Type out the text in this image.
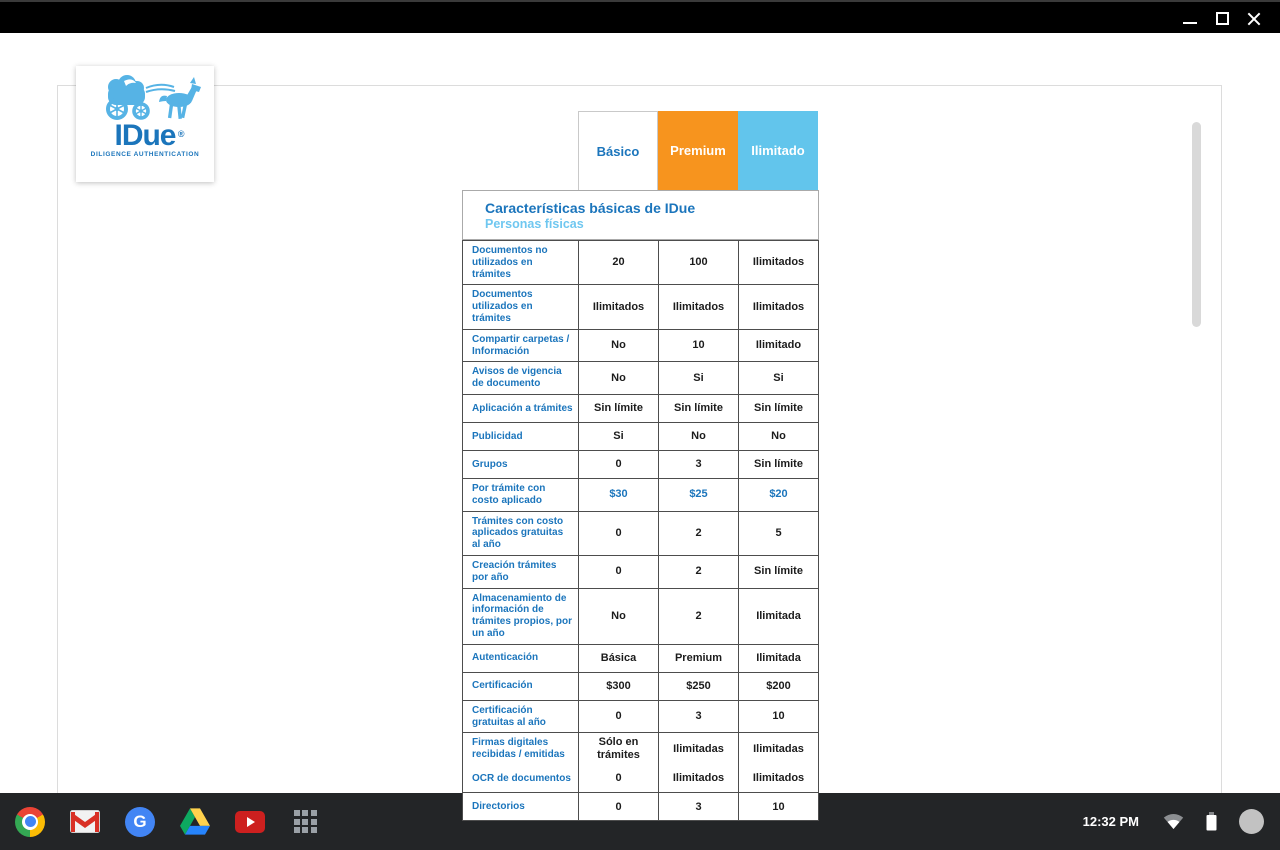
IDue ®
DILIGENCE AUTHENTICATION	Básico	Premium	Ilimitado
Características básicas de IDue
Personas físicas
Documentos no utilizados en trámites	20	100	Ilimitados
Documentos utilizados en trámites	Ilimitados	Ilimitados	Ilimitados
Compartir carpetas / Información	No	10	Ilimitado
Avisos de vigencia de documento	No	Si	Si
Aplicación a trámites	Sin límite	Sin límite	Sin límite
Publicidad	Si	No	No
Grupos	0	3	Sin límite
Por trámite con costo aplicado	$30	$25	$20
Trámites con costo aplicados gratuitas al año	0	2	5
Creación trámites por año	0	2	Sin límite
Almacenamiento de información de trámites propios, por un año	No	2	Ilimitada
Autenticación	Básica	Premium	Ilimitada
Certificación	$300	$250	$200
Certificación gratuitas al año	0	3	10
Firmas digitales recibidas / emitidas	Sólo en trámites	Ilimitadas	Ilimitadas
OCR de documentos	0	Ilimitados	Ilimitados
Directorios	0	3	10
G	12:32 PM
